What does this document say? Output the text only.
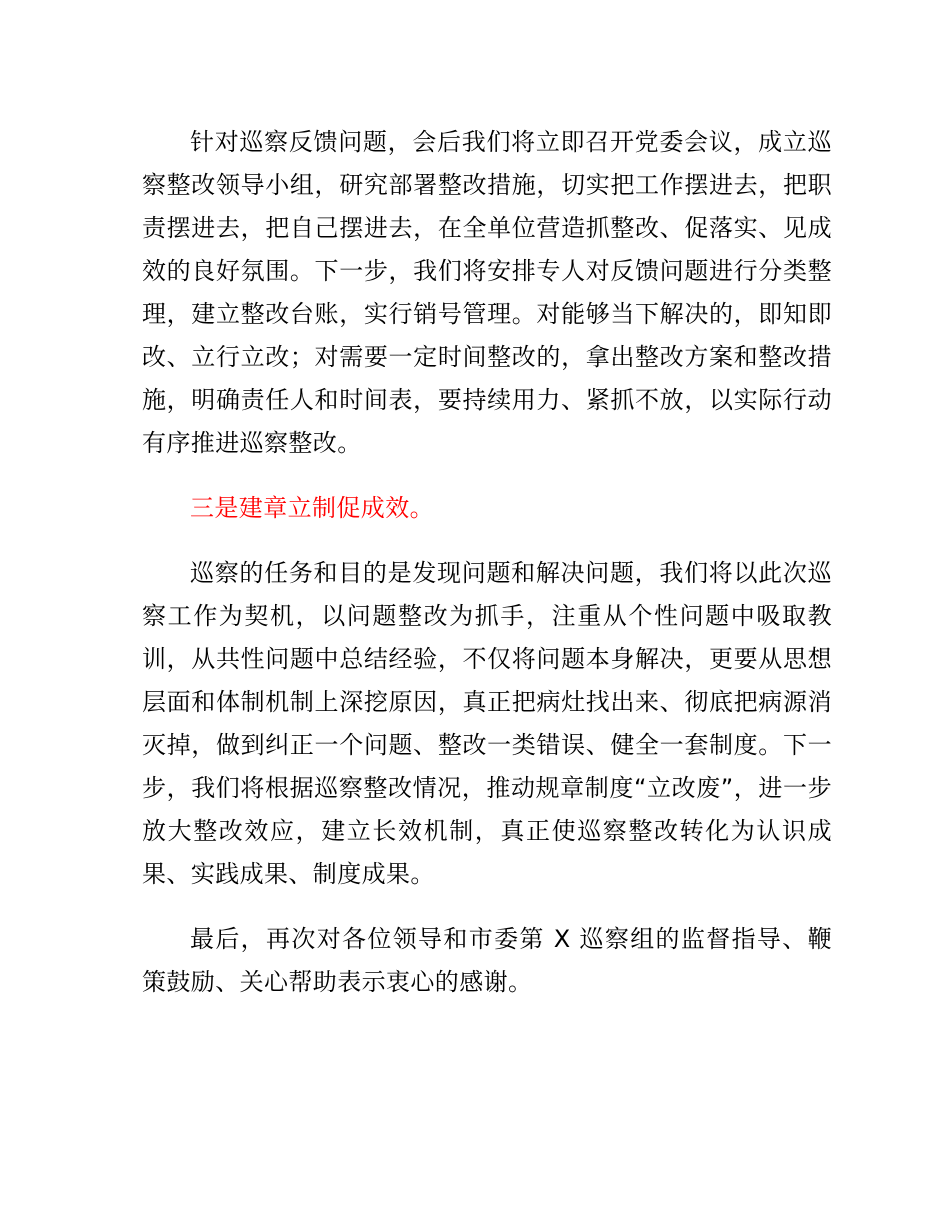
针对巡察反馈问题，会后我们将立即召开党委会议，成立巡察整改领导小组，研究部署整改措施，切实把工作摆进去，把职责摆进去，把自己摆进去，在全单位营造抓整改、促落实、见成效的良好氛围。下一步，我们将安排专人对反馈问题进行分类整理，建立整改台账，实行销号管理。对能够当下解决的，即知即改、立行立改；对需要一定时间整改的，拿出整改方案和整改措施，明确责任人和时间表，要持续用力、紧抓不放，以实际行动有序推进巡察整改。

三是建章立制促成效。

巡察的任务和目的是发现问题和解决问题，我们将以此次巡察工作为契机，以问题整改为抓手，注重从个性问题中吸取教训，从共性问题中总结经验，不仅将问题本身解决，更要从思想层面和体制机制上深挖原因，真正把病灶找出来、彻底把病源消灭掉，做到纠正一个问题、整改一类错误、健全一套制度。下一步，我们将根据巡察整改情况，推动规章制度“立改废”，进一步放大整改效应，建立长效机制，真正使巡察整改转化为认识成果、实践成果、制度成果。

最后，再次对各位领导和市委第 X 巡察组的监督指导、鞭策鼓励、关心帮助表示衷心的感谢。
